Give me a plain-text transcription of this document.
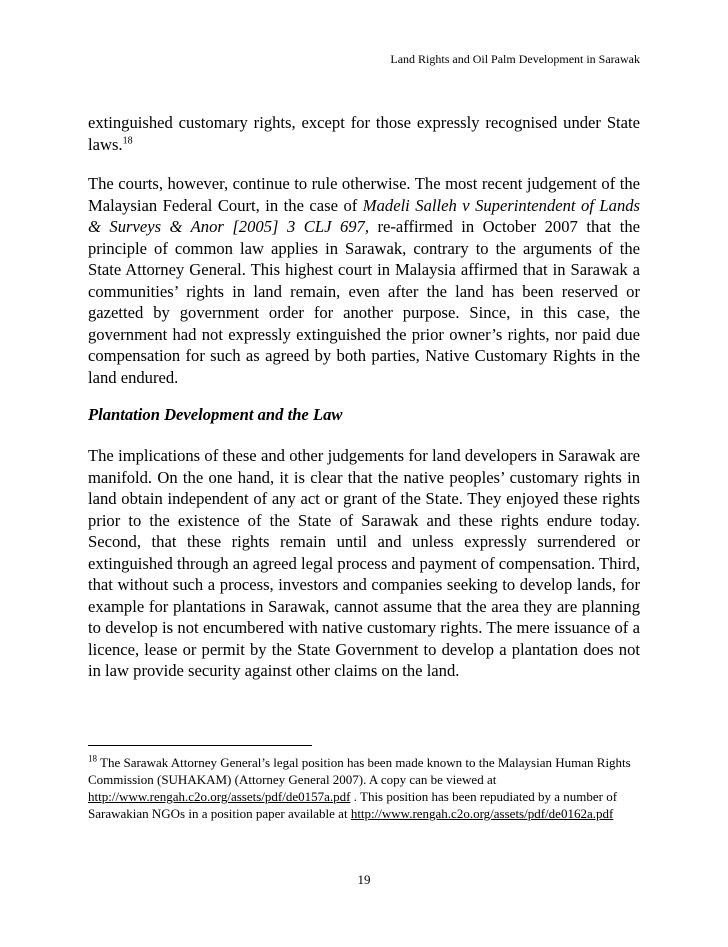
Land Rights and Oil Palm Development in Sarawak

extinguished customary rights, except for those expressly recognised under State laws.$^{18}$

The courts, however, continue to rule otherwise. The most recent judgement of the Malaysian Federal Court, in the case of Madeli Salleh v Superintendent of Lands & Surveys & Anor [2005] 3 CLJ 697, re-affirmed in October 2007 that the principle of common law applies in Sarawak, contrary to the arguments of the State Attorney General. This highest court in Malaysia affirmed that in Sarawak a communities’ rights in land remain, even after the land has been reserved or gazetted by government order for another purpose. Since, in this case, the government had not expressly extinguished the prior owner’s rights, nor paid due compensation for such as agreed by both parties, Native Customary Rights in the land endured.

Plantation Development and the Law

The implications of these and other judgements for land developers in Sarawak are manifold. On the one hand, it is clear that the native peoples’ customary rights in land obtain independent of any act or grant of the State. They enjoyed these rights prior to the existence of the State of Sarawak and these rights endure today. Second, that these rights remain until and unless expressly surrendered or extinguished through an agreed legal process and payment of compensation. Third, that without such a process, investors and companies seeking to develop lands, for example for plantations in Sarawak, cannot assume that the area they are planning to develop is not encumbered with native customary rights. The mere issuance of a licence, lease or permit by the State Government to develop a plantation does not in law provide security against other claims on the land.

$^{18}$ The Sarawak Attorney General’s legal position has been made known to the Malaysian Human Rights Commission (SUHAKAM) (Attorney General 2007). A copy can be viewed at http://www.rengah.c2o.org/assets/pdf/de0157a.pdf . This position has been repudiated by a number of Sarawakian NGOs in a position paper available at http://www.rengah.c2o.org/assets/pdf/de0162a.pdf

19
